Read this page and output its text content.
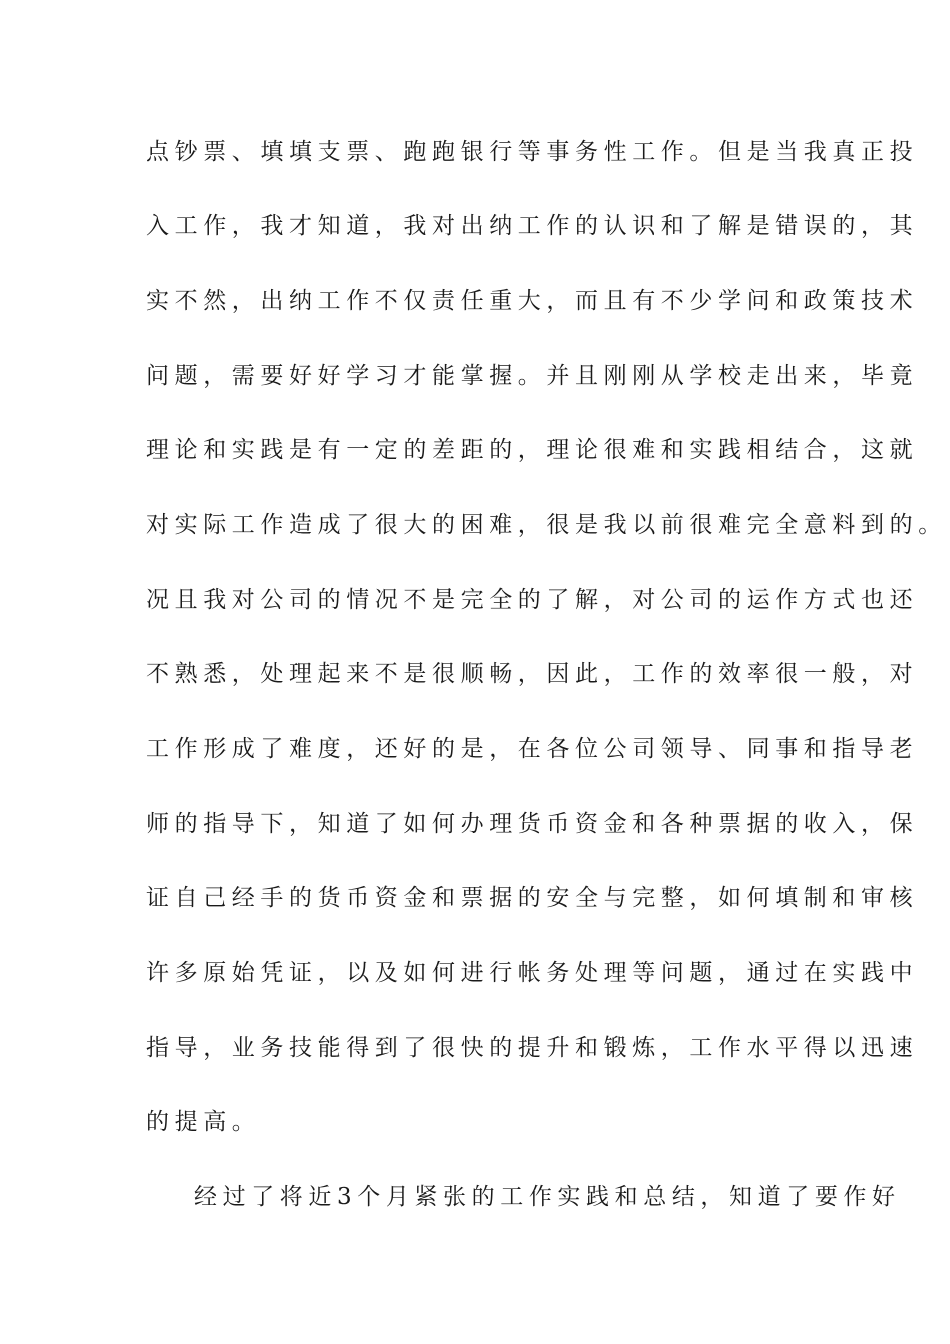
点钞票、填填支票、跑跑银行等事务性工作。但是当我真正投
入工作，我才知道，我对出纳工作的认识和了解是错误的，其
实不然，出纳工作不仅责任重大，而且有不少学问和政策技术
问题，需要好好学习才能掌握。并且刚刚从学校走出来，毕竟
理论和实践是有一定的差距的，理论很难和实践相结合，这就
对实际工作造成了很大的困难，很是我以前很难完全意料到的。
况且我对公司的情况不是完全的了解，对公司的运作方式也还
不熟悉，处理起来不是很顺畅，因此，工作的效率很一般，对
工作形成了难度，还好的是，在各位公司领导、同事和指导老
师的指导下，知道了如何办理货币资金和各种票据的收入，保
证自己经手的货币资金和票据的安全与完整，如何填制和审核
许多原始凭证，以及如何进行帐务处理等问题，通过在实践中
指导，业务技能得到了很快的提升和锻炼，工作水平得以迅速
的提高。
经过了将近3个月紧张的工作实践和总结，知道了要作好
